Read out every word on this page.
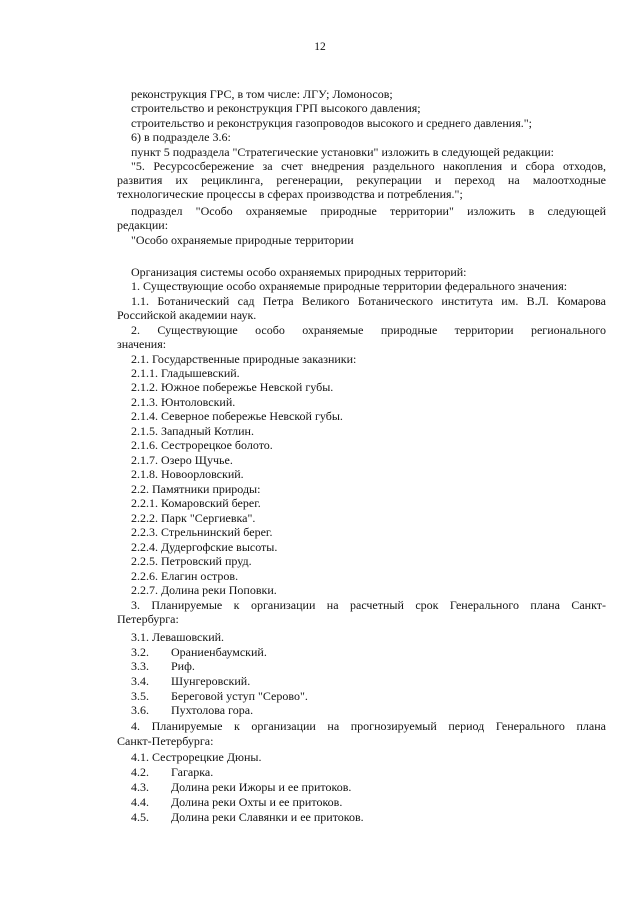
12
реконструкция ГРС, в том числе: ЛГУ; Ломоносов;
строительство и реконструкция ГРП высокого давления;
строительство и реконструкция газопроводов высокого и среднего давления.";
6) в подразделе 3.6:
пункт 5 подраздела "Стратегические установки" изложить в следующей редакции:
"5. Ресурсосбережение за счет внедрения раздельного накопления и сбора отходов,
развития их рециклинга, регенерации, рекуперации и переход на малоотходные
технологические процессы в сферах производства и потребления.";
подраздел "Особо охраняемые природные территории" изложить в следующей
редакции:
"Особо охраняемые природные территории
Организация системы особо охраняемых природных территорий:
1. Существующие особо охраняемые природные территории федерального значения:
1.1. Ботанический сад Петра Великого Ботанического института им. В.Л. Комарова
Российской академии наук.
2. Существующие особо охраняемые природные территории регионального
значения:
2.1. Государственные природные заказники:
2.1.1. Гладышевский.
2.1.2. Южное побережье Невской губы.
2.1.3. Юнтоловский.
2.1.4. Северное побережье Невской губы.
2.1.5. Западный Котлин.
2.1.6. Сестрорецкое болото.
2.1.7. Озеро Щучье.
2.1.8. Новоорловский.
2.2. Памятники природы:
2.2.1. Комаровский берег.
2.2.2. Парк "Сергиевка".
2.2.3. Стрельнинский берег.
2.2.4. Дудергофские высоты.
2.2.5. Петровский пруд.
2.2.6. Елагин остров.
2.2.7. Долина реки Поповки.
3. Планируемые к организации на расчетный срок Генерального плана Санкт-
Петербурга:
3.1. Левашовский.
3.2. Ораниенбаумский.
3.3. Риф.
3.4. Шунгеровский.
3.5. Береговой уступ "Серово".
3.6. Пухтолова гора.
4. Планируемые к организации на прогнозируемый период Генерального плана
Санкт-Петербурга:
4.1. Сестрорецкие Дюны.
4.2. Гагарка.
4.3. Долина реки Ижоры и ее притоков.
4.4. Долина реки Охты и ее притоков.
4.5. Долина реки Славянки и ее притоков.
